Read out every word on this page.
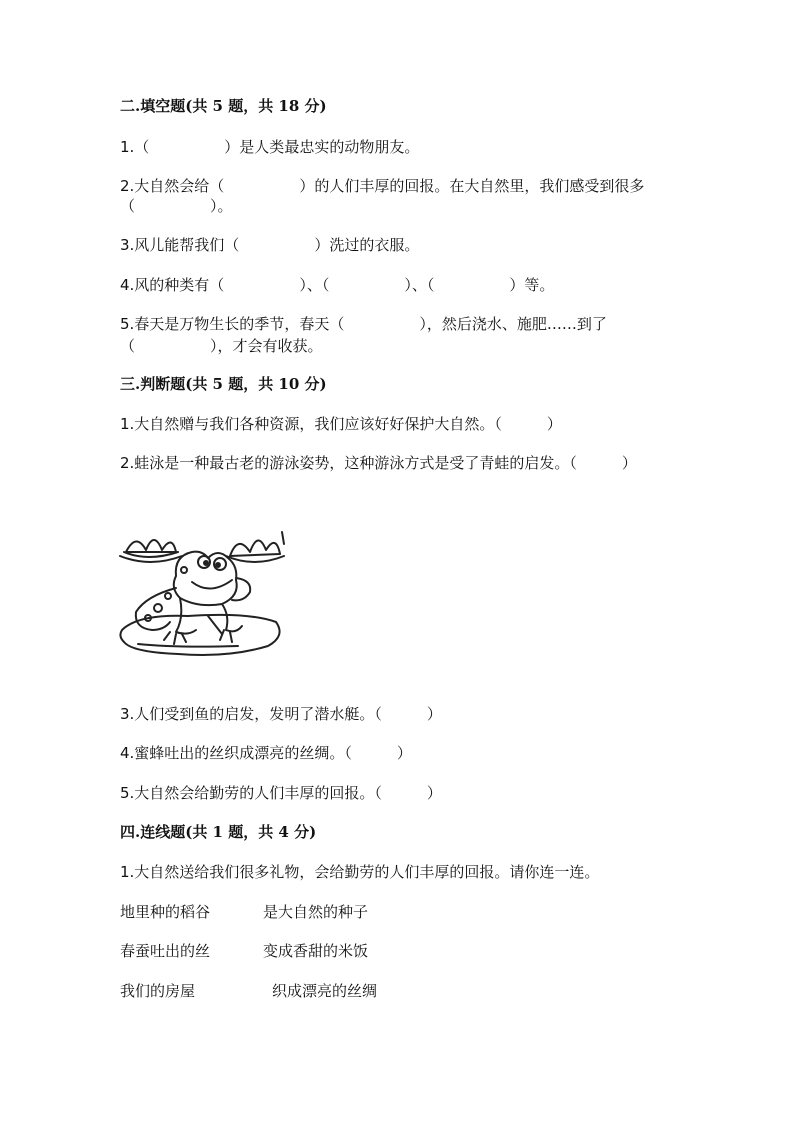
二.填空题(共 5 题，共 18 分)
1.（　　　　　）是人类最忠实的动物朋友。
2.大自然会给（　　　　　）的人们丰厚的回报。在大自然里，我们感受到很多
（　　　　　）。
3.风儿能帮我们（　　　　　）洗过的衣服。
4.风的种类有（　　　　　）、（　　　　　）、（　　　　　）等。
5.春天是万物生长的季节，春天（　　　　　），然后浇水、施肥……到了
（　　　　　），才会有收获。
三.判断题(共 5 题，共 10 分)
1.大自然赠与我们各种资源，我们应该好好保护大自然。（　　　）
2.蛙泳是一种最古老的游泳姿势，这种游泳方式是受了青蛙的启发。（　　　）
3.人们受到鱼的启发，发明了潜水艇。（　　　）
4.蜜蜂吐出的丝织成漂亮的丝绸。（　　　）
5.大自然会给勤劳的人们丰厚的回报。（　　　）
四.连线题(共 1 题，共 4 分)
1.大自然送给我们很多礼物，会给勤劳的人们丰厚的回报。请你连一连。
地里种的稻谷	是大自然的种子
春蚕吐出的丝	变成香甜的米饭
我们的房屋	织成漂亮的丝绸
